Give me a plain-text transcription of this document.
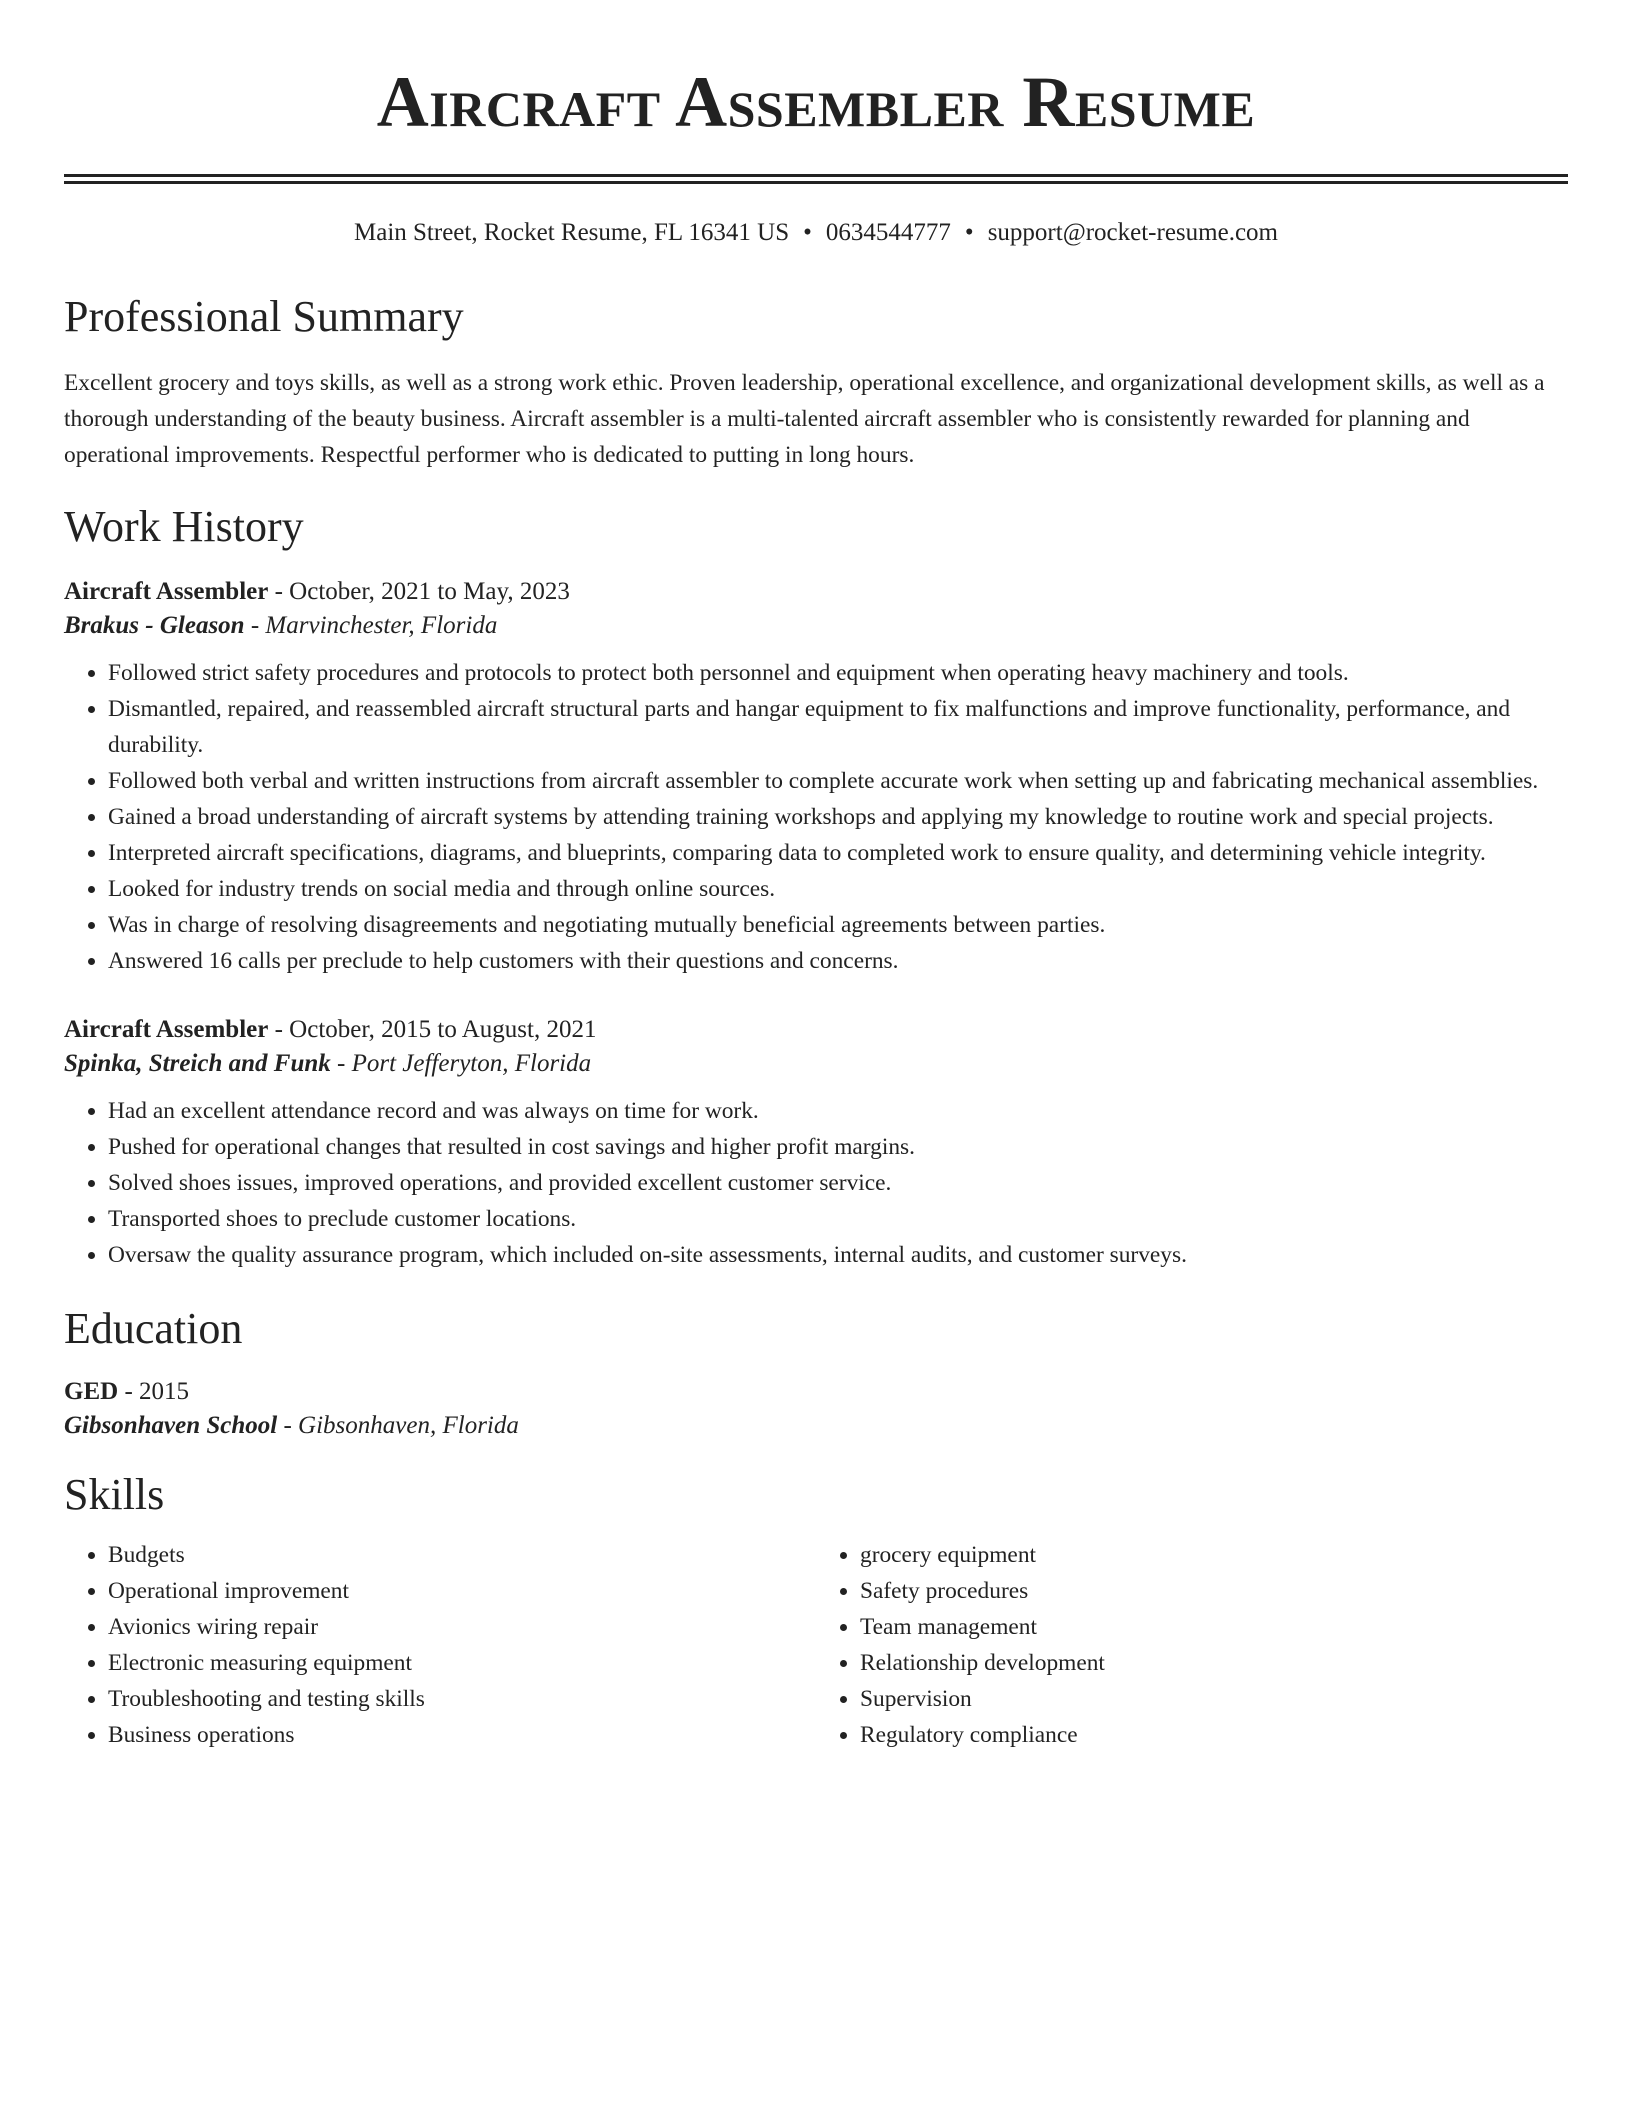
Aircraft Assembler Resume
Main Street, Rocket Resume, FL 16341 US • 0634544777 • support@rocket-resume.com
Professional Summary

Excellent grocery and toys skills, as well as a strong work ethic. Proven leadership, operational excellence, and organizational development skills, as well as a thorough understanding of the beauty business. Aircraft assembler is a multi-talented aircraft assembler who is consistently rewarded for planning and operational improvements. Respectful performer who is dedicated to putting in long hours.

Work History
Aircraft Assembler - October, 2021 to May, 2023
Brakus - Gleason - Marvinchester, Florida
• Followed strict safety procedures and protocols to protect both personnel and equipment when operating heavy machinery and tools.
• Dismantled, repaired, and reassembled aircraft structural parts and hangar equipment to fix malfunctions and improve functionality, performance, and durability.
• Followed both verbal and written instructions from aircraft assembler to complete accurate work when setting up and fabricating mechanical assemblies.
• Gained a broad understanding of aircraft systems by attending training workshops and applying my knowledge to routine work and special projects.
• Interpreted aircraft specifications, diagrams, and blueprints, comparing data to completed work to ensure quality, and determining vehicle integrity.
• Looked for industry trends on social media and through online sources.
• Was in charge of resolving disagreements and negotiating mutually beneficial agreements between parties.
• Answered 16 calls per preclude to help customers with their questions and concerns.
Aircraft Assembler - October, 2015 to August, 2021
Spinka, Streich and Funk - Port Jefferyton, Florida
• Had an excellent attendance record and was always on time for work.
• Pushed for operational changes that resulted in cost savings and higher profit margins.
• Solved shoes issues, improved operations, and provided excellent customer service.
• Transported shoes to preclude customer locations.
• Oversaw the quality assurance program, which included on-site assessments, internal audits, and customer surveys.
Education
GED - 2015
Gibsonhaven School - Gibsonhaven, Florida
Skills
• Budgets
• Operational improvement
• Avionics wiring repair
• Electronic measuring equipment
• Troubleshooting and testing skills
• Business operations
• grocery equipment
• Safety procedures
• Team management
• Relationship development
• Supervision
• Regulatory compliance
